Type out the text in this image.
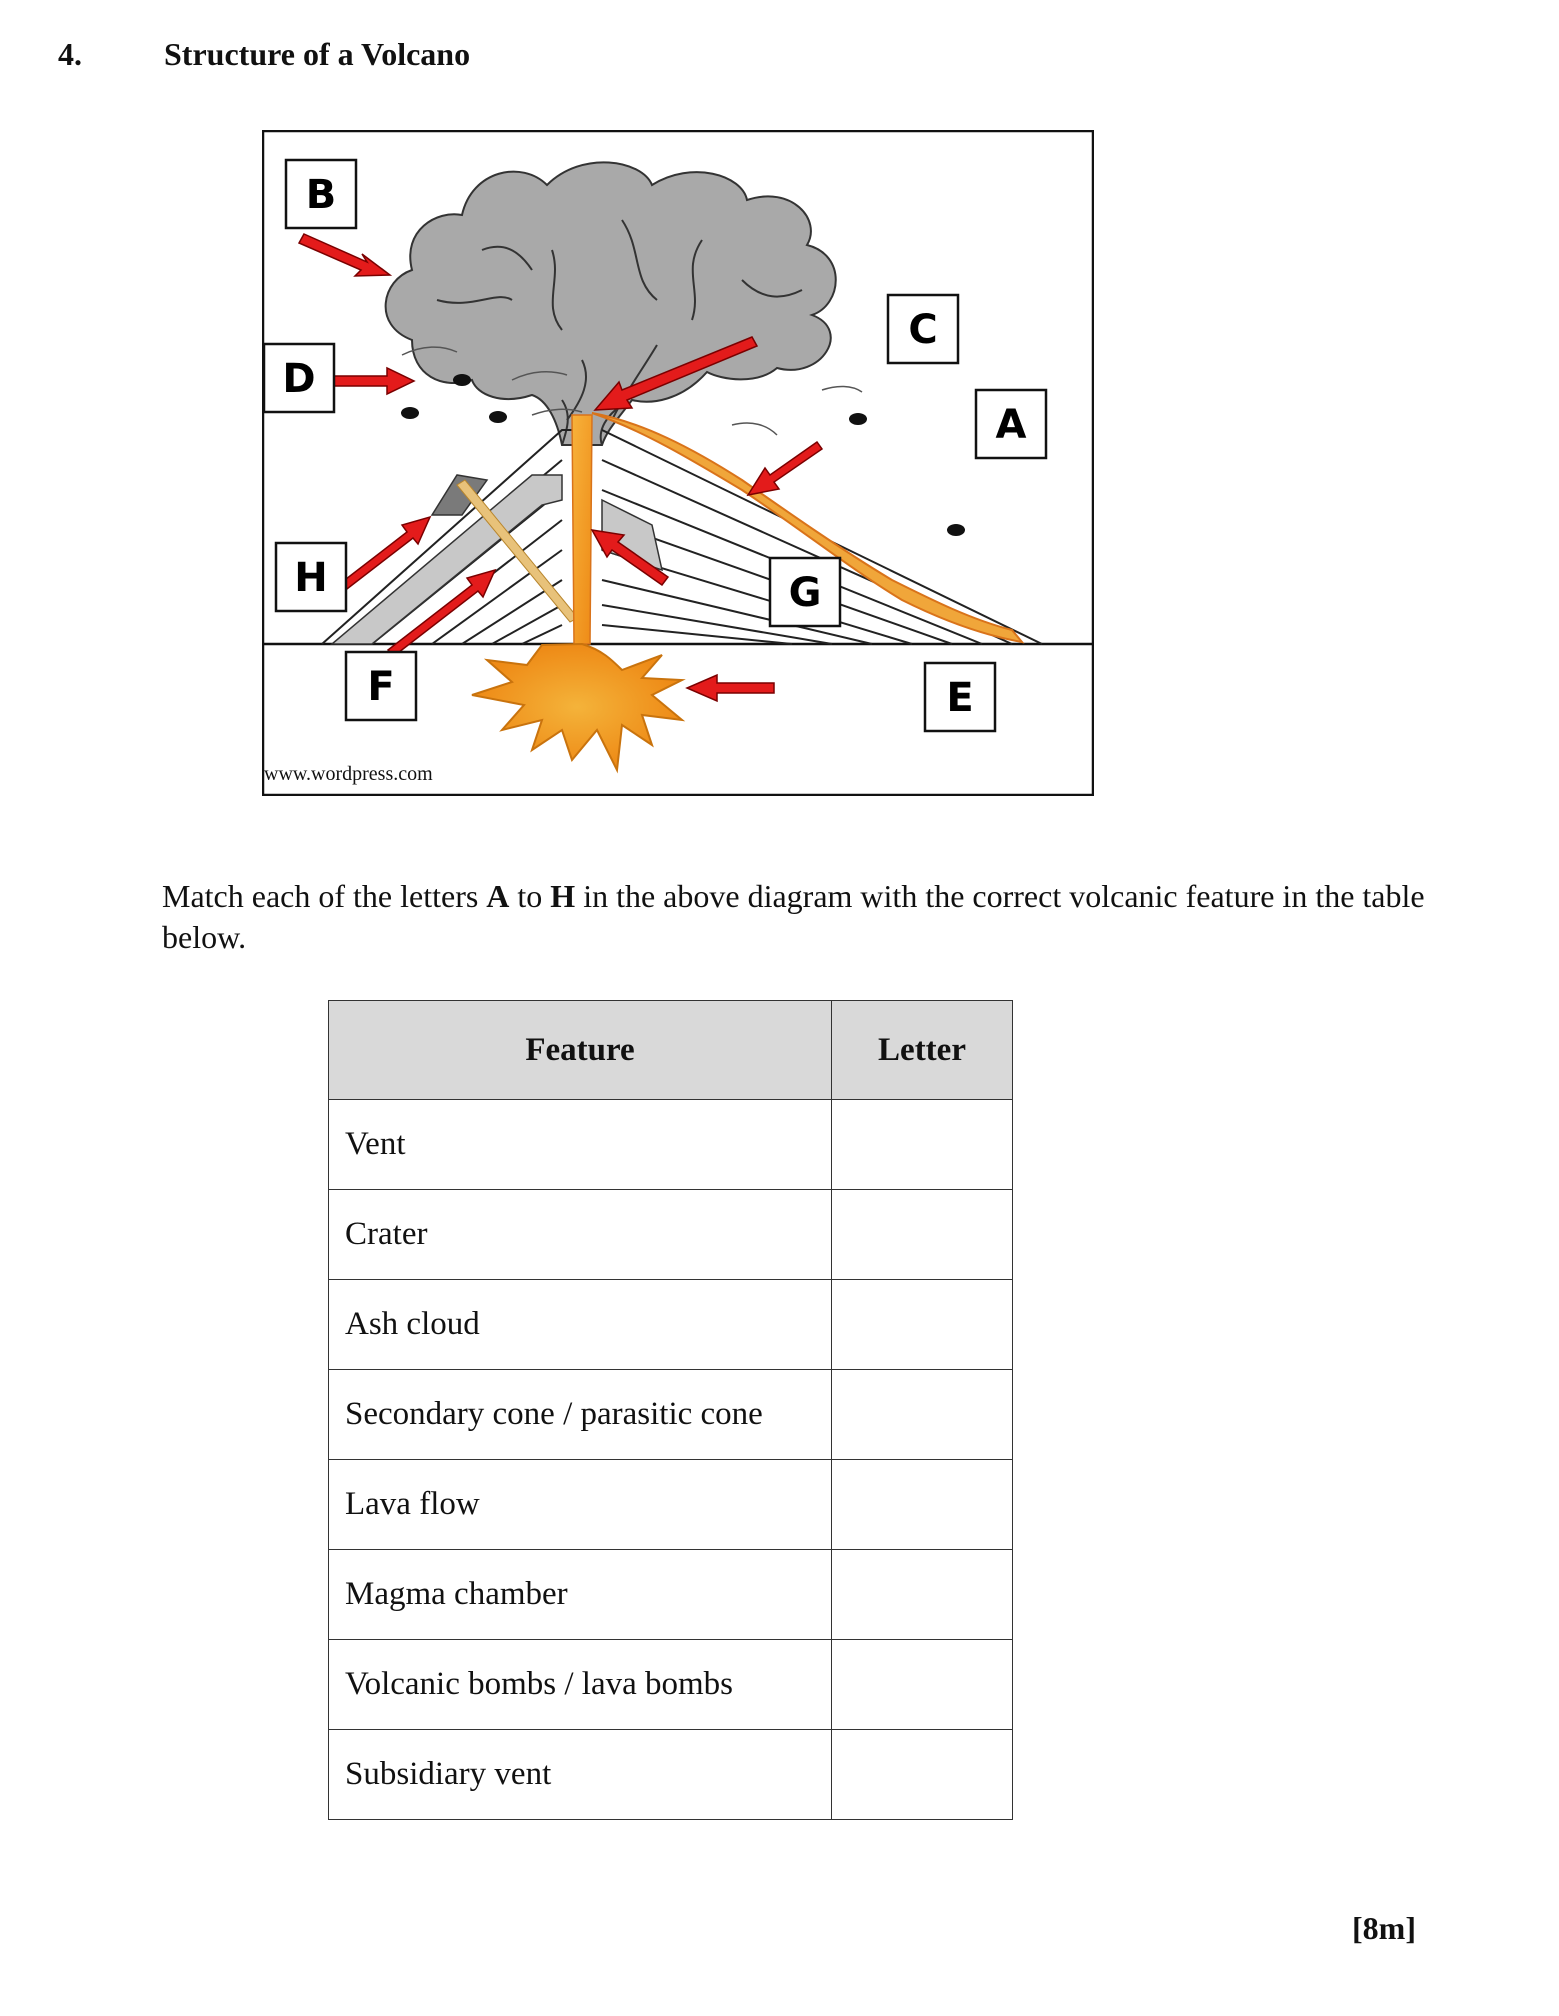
4.	Structure of a Volcano
B
D
C
A
H	G
F	E
www.wordpress.com
Match each of the letters A to H in the above diagram with the correct volcanic feature in the table below.
Feature	Letter
Vent	
Crater	
Ash cloud	
Secondary cone / parasitic cone	
Lava flow	
Magma chamber	
Volcanic bombs / lava bombs	
Subsidiary vent	
[8m]
